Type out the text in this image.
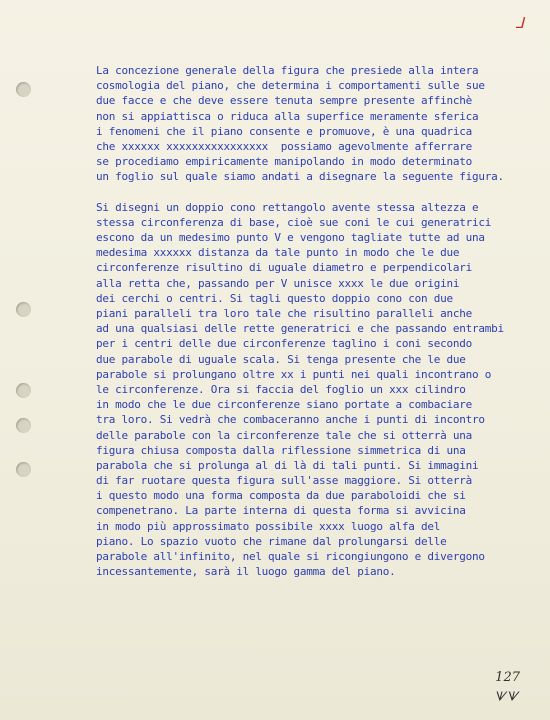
ᒧ
La concezione generale della figura che presiede alla intera
cosmologia del piano, che determina i comportamenti sulle sue
due facce e che deve essere tenuta sempre presente affinchè
non si appiattisca o riduca alla superfice meramente sferica
i fenomeni che il piano consente e promuove, è una quadrica
che xxxxxx xxxxxxxxxxxxxxxx  possiamo agevolmente afferrare
se procediamo empiricamente manipolando in modo determinato
un foglio sul quale siamo andati a disegnare la seguente figura.
Si disegni un doppio cono rettangolo avente stessa altezza e
stessa circonferenza di base, cioè sue coni le cui generatrici
escono da un medesimo punto V e vengono tagliate tutte ad una
medesima xxxxxx distanza da tale punto in modo che le due
circonferenze risultino di uguale diametro e perpendicolari
alla retta che, passando per V unisce xxxx le due origini
dei cerchi o centri. Si tagli questo doppio cono con due
piani paralleli tra loro tale che risultino paralleli anche
ad una qualsiasi delle rette generatrici e che passando entrambi
per i centri delle due circonferenze taglino i coni secondo
due parabole di uguale scala. Si tenga presente che le due
parabole si prolungano oltre xx i punti nei quali incontrano o
le circonferenze. Ora si faccia del foglio un xxx cilindro
in modo che le due circonferenze siano portate a combaciare
tra loro. Si vedrà che combaceranno anche i punti di incontro
delle parabole con la circonferenze tale che si otterrà una
figura chiusa composta dalla riflessione simmetrica di una
parabola che si prolunga al di là di tali punti. Si immagini
di far ruotare questa figura sull'asse maggiore. Si otterrà
i questo modo una forma composta da due paraboloidi che si
compenetrano. La parte interna di questa forma si avvicina
in modo più approssimato possibile xxxx luogo alfa del
piano. Lo spazio vuoto che rimane dal prolungarsi delle
parabole all'infinito, nel quale si ricongiungono e divergono
incessantemente, sarà il luogo gamma del piano.
127
ᗐᗐ
